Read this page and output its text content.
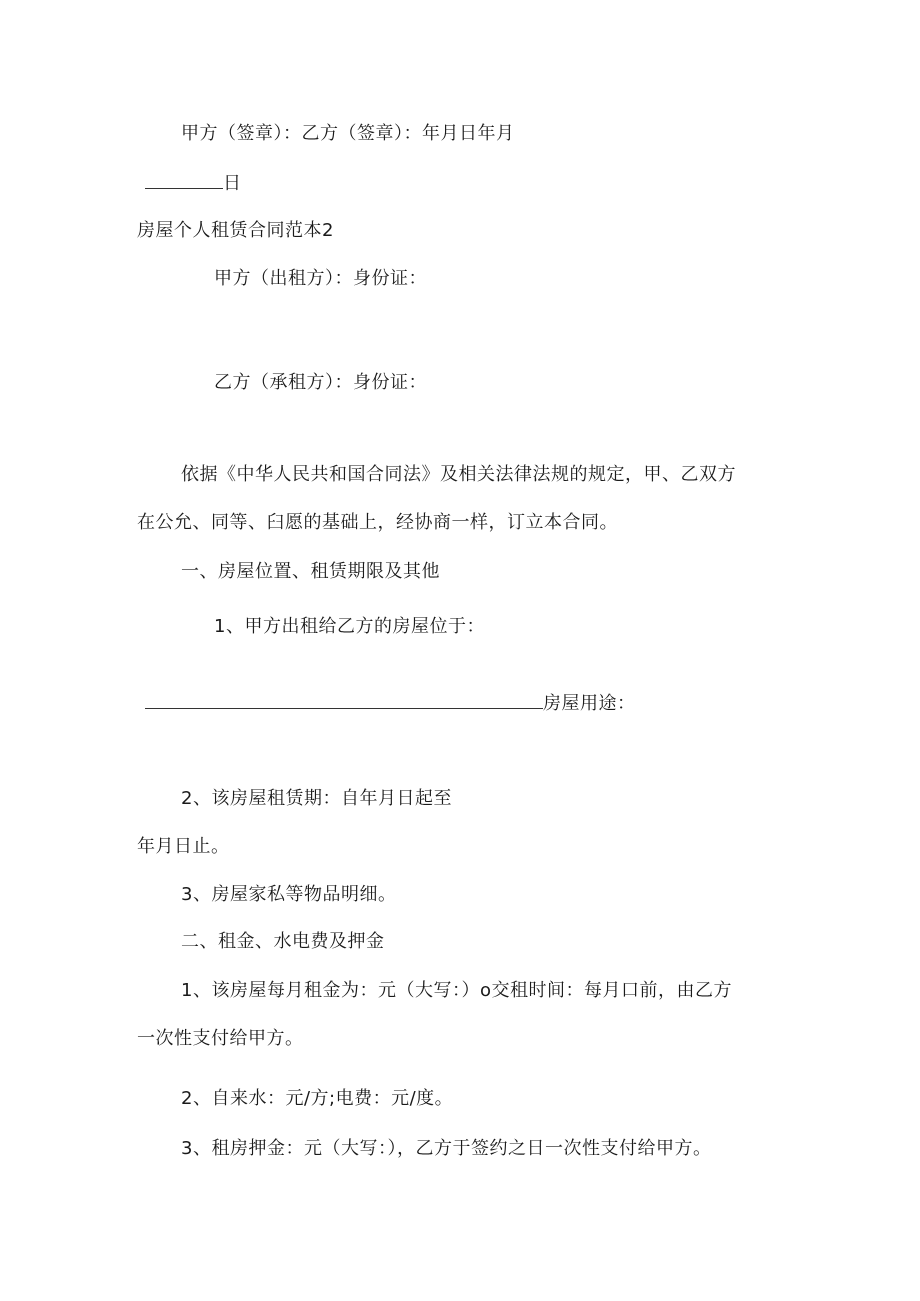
甲方（签章）：乙方（签章）：年月日年月
日
房屋个人租赁合同范本2
甲方（出租方）：身份证：
乙方（承租方）：身份证：
依据《中华人民共和国合同法》及相关法律法规的规定，甲、乙双方
在公允、同等、臼愿的基础上，经协商一样，订立本合同。
一、房屋位置、租赁期限及其他
1、甲方出租给乙方的房屋位于：
房屋用途：
2、该房屋租赁期：自年月日起至
年月日止。
3、房屋家私等物品明细。
二、租金、水电费及押金
1、该房屋每月租金为：元（大写：）o交租时间：每月口前，由乙方
一次性支付给甲方。
2、自来水：元/方;电费：元/度。
3、租房押金：元（大写：），乙方于签约之日一次性支付给甲方。
